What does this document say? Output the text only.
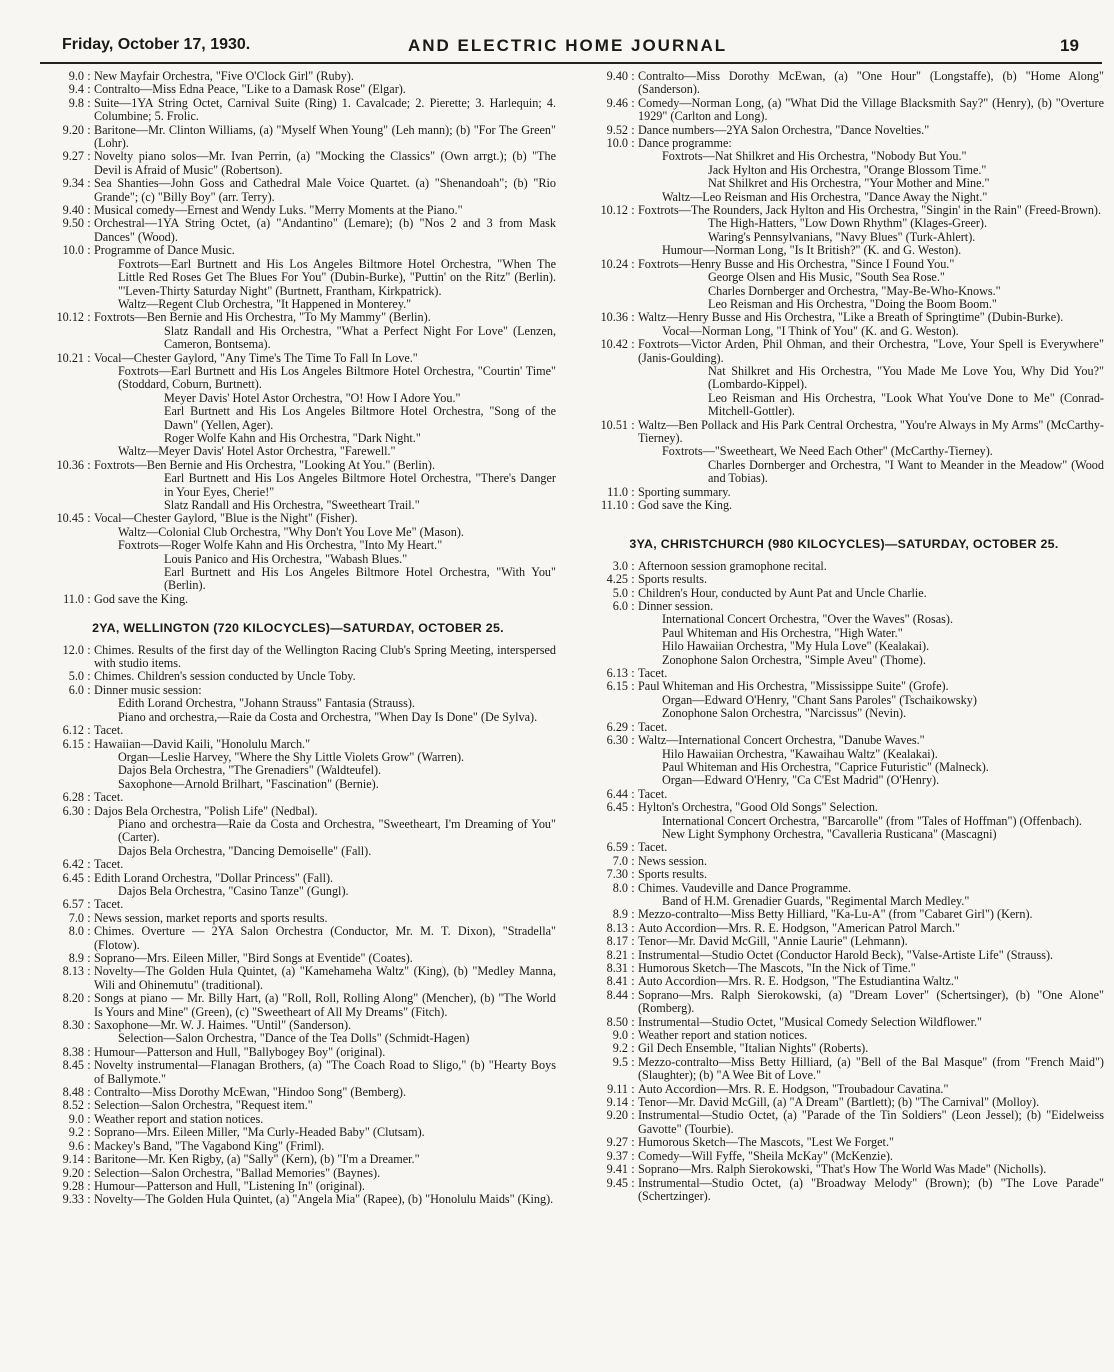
Friday, October 17, 1930.	AND ELECTRIC HOME JOURNAL	19
9.0 : New Mayfair Orchestra, "Five O'Clock Girl" (Ruby).
9.4 : Contralto—Miss Edna Peace, "Like to a Damask Rose" (Elgar).
9.8 : Suite—1YA String Octet, Carnival Suite (Ring) 1. Cavalcade; 2. Pierette; 3. Harlequin; 4. Columbine; 5. Frolic.
9.20 : Baritone—Mr. Clinton Williams, (a) "Myself When Young" (Leh mann); (b) "For The Green" (Lohr).
9.27 : Novelty piano solos—Mr. Ivan Perrin, (a) "Mocking the Classics" (Own arrgt.); (b) "The Devil is Afraid of Music" (Robertson).
9.34 : Sea Shanties—John Goss and Cathedral Male Voice Quartet. (a) "Shenandoah"; (b) "Rio Grande"; (c) "Billy Boy" (arr. Terry).
9.40 : Musical comedy—Ernest and Wendy Luks. "Merry Moments at the Piano."
9.50 : Orchestral—1YA String Octet, (a) "Andantino" (Lemare); (b) "Nos 2 and 3 from Mask Dances" (Wood).
10.0 : Programme of Dance Music.
Foxtrots—Earl Burtnett and His Los Angeles Biltmore Hotel Orchestra, "When The Little Red Roses Get The Blues For You" (Dubin-Burke), "Puttin' on the Ritz" (Berlin). "'Leven-Thirty Saturday Night" (Burtnett, Frantham, Kirkpatrick).
Waltz—Regent Club Orchestra, "It Happened in Monterey."
10.12 : Foxtrots—Ben Bernie and His Orchestra, "To My Mammy" (Berlin).
Slatz Randall and His Orchestra, "What a Perfect Night For Love" (Lenzen, Cameron, Bontsema).
10.21 : Vocal—Chester Gaylord, "Any Time's The Time To Fall In Love."
Foxtrots—Earl Burtnett and His Los Angeles Biltmore Hotel Orchestra, "Courtin' Time" (Stoddard, Coburn, Burtnett).
Meyer Davis' Hotel Astor Orchestra, "O! How I Adore You."
Earl Burtnett and His Los Angeles Biltmore Hotel Orchestra, "Song of the Dawn" (Yellen, Ager).
Roger Wolfe Kahn and His Orchestra, "Dark Night."
Waltz—Meyer Davis' Hotel Astor Orchestra, "Farewell."
10.36 : Foxtrots—Ben Bernie and His Orchestra, "Looking At You." (Berlin).
Earl Burtnett and His Los Angeles Biltmore Hotel Orchestra, "There's Danger in Your Eyes, Cherie!"
Slatz Randall and His Orchestra, "Sweetheart Trail."
10.45 : Vocal—Chester Gaylord, "Blue is the Night" (Fisher).
Waltz—Colonial Club Orchestra, "Why Don't You Love Me" (Mason).
Foxtrots—Roger Wolfe Kahn and His Orchestra, "Into My Heart."
Louis Panico and His Orchestra, "Wabash Blues."
Earl Burtnett and His Los Angeles Biltmore Hotel Orchestra, "With You" (Berlin).
11.0 : God save the King.
2YA, WELLINGTON (720 KILOCYCLES)—SATURDAY, OCTOBER 25.
12.0 : Chimes. Results of the first day of the Wellington Racing Club's Spring Meeting, interspersed with studio items.
5.0 : Chimes. Children's session conducted by Uncle Toby.
6.0 : Dinner music session:
Edith Lorand Orchestra, "Johann Strauss" Fantasia (Strauss).
Piano and orchestra,—Raie da Costa and Orchestra, "When Day Is Done" (De Sylva).
6.12 : Tacet.
6.15 : Hawaiian—David Kaili, "Honolulu March."
Organ—Leslie Harvey, "Where the Shy Little Violets Grow" (Warren).
Dajos Bela Orchestra, "The Grenadiers" (Waldteufel).
Saxophone—Arnold Brilhart, "Fascination" (Bernie).
6.28 : Tacet.
6.30 : Dajos Bela Orchestra, "Polish Life" (Nedbal).
Piano and orchestra—Raie da Costa and Orchestra, "Sweetheart, I'm Dreaming of You" (Carter).
Dajos Bela Orchestra, "Dancing Demoiselle" (Fall).
6.42 : Tacet.
6.45 : Edith Lorand Orchestra, "Dollar Princess" (Fall).
Dajos Bela Orchestra, "Casino Tanze" (Gungl).
6.57 : Tacet.
7.0 : News session, market reports and sports results.
8.0 : Chimes. Overture — 2YA Salon Orchestra (Conductor, Mr. M. T. Dixon), "Stradella" (Flotow).
8.9 : Soprano—Mrs. Eileen Miller, "Bird Songs at Eventide" (Coates).
8.13 : Novelty—The Golden Hula Quintet, (a) "Kamehameha Waltz" (King), (b) "Medley Manna, Wili and Ohinemutu" (traditional).
8.20 : Songs at piano — Mr. Billy Hart, (a) "Roll, Roll, Rolling Along" (Mencher), (b) "The World Is Yours and Mine" (Green), (c) "Sweetheart of All My Dreams" (Fitch).
8.30 : Saxophone—Mr. W. J. Haimes. "Until" (Sanderson).
Selection—Salon Orchestra, "Dance of the Tea Dolls" (Schmidt-Hagen)
8.38 : Humour—Patterson and Hull, "Ballybogey Boy" (original).
8.45 : Novelty instrumental—Flanagan Brothers, (a) "The Coach Road to Sligo," (b) "Hearty Boys of Ballymote."
8.48 : Contralto—Miss Dorothy McEwan, "Hindoo Song" (Bemberg).
8.52 : Selection—Salon Orchestra, "Request item."
9.0 : Weather report and station notices.
9.2 : Soprano—Mrs. Eileen Miller, "Ma Curly-Headed Baby" (Clutsam).
9.6 : Mackey's Band, "The Vagabond King" (Friml).
9.14 : Baritone—Mr. Ken Rigby, (a) "Sally" (Kern), (b) "I'm a Dreamer."
9.20 : Selection—Salon Orchestra, "Ballad Memories" (Baynes).
9.28 : Humour—Patterson and Hull, "Listening In" (original).
9.33 : Novelty—The Golden Hula Quintet, (a) "Angela Mia" (Rapee), (b) "Honolulu Maids" (King).
9.40 : Contralto—Miss Dorothy McEwan, (a) "One Hour" (Longstaffe), (b) "Home Along" (Sanderson).
9.46 : Comedy—Norman Long, (a) "What Did the Village Blacksmith Say?" (Henry), (b) "Overture 1929" (Carlton and Long).
9.52 : Dance numbers—2YA Salon Orchestra, "Dance Novelties."
10.0 : Dance programme:
Foxtrots—Nat Shilkret and His Orchestra, "Nobody But You."
Jack Hylton and His Orchestra, "Orange Blossom Time."
Nat Shilkret and His Orchestra, "Your Mother and Mine."
Waltz—Leo Reisman and His Orchestra, "Dance Away the Night."
10.12 : Foxtrots—The Rounders, Jack Hylton and His Orchestra, "Singin' in the Rain" (Freed-Brown).
The High-Hatters, "Low Down Rhythm" (Klages-Greer).
Waring's Pennsylvanians, "Navy Blues" (Turk-Ahlert).
Humour—Norman Long, "Is It British?" (K. and G. Weston).
10.24 : Foxtrots—Henry Busse and His Orchestra, "Since I Found You."
George Olsen and His Music, "South Sea Rose."
Charles Dornberger and Orchestra, "May-Be-Who-Knows."
Leo Reisman and His Orchestra, "Doing the Boom Boom."
10.36 : Waltz—Henry Busse and His Orchestra, "Like a Breath of Springtime" (Dubin-Burke).
Vocal—Norman Long, "I Think of You" (K. and G. Weston).
10.42 : Foxtrots—Victor Arden, Phil Ohman, and their Orchestra, "Love, Your Spell is Everywhere" (Janis-Goulding).
Nat Shilkret and His Orchestra, "You Made Me Love You, Why Did You?" (Lombardo-Kippel).
Leo Reisman and His Orchestra, "Look What You've Done to Me" (Conrad-Mitchell-Gottler).
10.51 : Waltz—Ben Pollack and His Park Central Orchestra, "You're Always in My Arms" (McCarthy-Tierney).
Foxtrots—"Sweetheart, We Need Each Other" (McCarthy-Tierney).
Charles Dornberger and Orchestra, "I Want to Meander in the Meadow" (Wood and Tobias).
11.0 : Sporting summary.
11.10 : God save the King.
3YA, CHRISTCHURCH (980 KILOCYCLES)—SATURDAY, OCTOBER 25.
3.0 : Afternoon session gramophone recital.
4.25 : Sports results.
5.0 : Children's Hour, conducted by Aunt Pat and Uncle Charlie.
6.0 : Dinner session.
International Concert Orchestra, "Over the Waves" (Rosas).
Paul Whiteman and His Orchestra, "High Water."
Hilo Hawaiian Orchestra, "My Hula Love" (Kealakai).
Zonophone Salon Orchestra, "Simple Aveu" (Thome).
6.13 : Tacet.
6.15 : Paul Whiteman and His Orchestra, "Mississippe Suite" (Grofe).
Organ—Edward O'Henry, "Chant Sans Paroles" (Tschaikowsky)
Zonophone Salon Orchestra, "Narcissus" (Nevin).
6.29 : Tacet.
6.30 : Waltz—International Concert Orchestra, "Danube Waves."
Hilo Hawaiian Orchestra, "Kawaihau Waltz" (Kealakai).
Paul Whiteman and His Orchestra, "Caprice Futuristic" (Malneck).
Organ—Edward O'Henry, "Ca C'Est Madrid" (O'Henry).
6.44 : Tacet.
6.45 : Hylton's Orchestra, "Good Old Songs" Selection.
International Concert Orchestra, "Barcarolle" (from "Tales of Hoffman") (Offenbach).
New Light Symphony Orchestra, "Cavalleria Rusticana" (Mascagni)
6.59 : Tacet.
7.0 : News session.
7.30 : Sports results.
8.0 : Chimes. Vaudeville and Dance Programme.
Band of H.M. Grenadier Guards, "Regimental March Medley."
8.9 : Mezzo-contralto—Miss Betty Hilliard, "Ka-Lu-A" (from "Cabaret Girl") (Kern).
8.13 : Auto Accordion—Mrs. R. E. Hodgson, "American Patrol March."
8.17 : Tenor—Mr. David McGill, "Annie Laurie" (Lehmann).
8.21 : Instrumental—Studio Octet (Conductor Harold Beck), "Valse-Artiste Life" (Strauss).
8.31 : Humorous Sketch—The Mascots, "In the Nick of Time."
8.41 : Auto Accordion—Mrs. R. E. Hodgson, "The Estudiantina Waltz."
8.44 : Soprano—Mrs. Ralph Sierokowski, (a) "Dream Lover" (Schertsinger), (b) "One Alone" (Romberg).
8.50 : Instrumental—Studio Octet, "Musical Comedy Selection Wildflower."
9.0 : Weather report and station notices.
9.2 : Gil Dech Ensemble, "Italian Nights" (Roberts).
9.5 : Mezzo-contralto—Miss Betty Hilliard, (a) "Bell of the Bal Masque" (from "French Maid") (Slaughter); (b) "A Wee Bit of Love."
9.11 : Auto Accordion—Mrs. R. E. Hodgson, "Troubadour Cavatina."
9.14 : Tenor—Mr. David McGill, (a) "A Dream" (Bartlett); (b) "The Carnival" (Molloy).
9.20 : Instrumental—Studio Octet, (a) "Parade of the Tin Soldiers" (Leon Jessel); (b) "Eidelweiss Gavotte" (Tourbie).
9.27 : Humorous Sketch—The Mascots, "Lest We Forget."
9.37 : Comedy—Will Fyffe, "Sheila McKay" (McKenzie).
9.41 : Soprano—Mrs. Ralph Sierokowski, "That's How The World Was Made" (Nicholls).
9.45 : Instrumental—Studio Octet, (a) "Broadway Melody" (Brown); (b) "The Love Parade" (Schertzinger).
